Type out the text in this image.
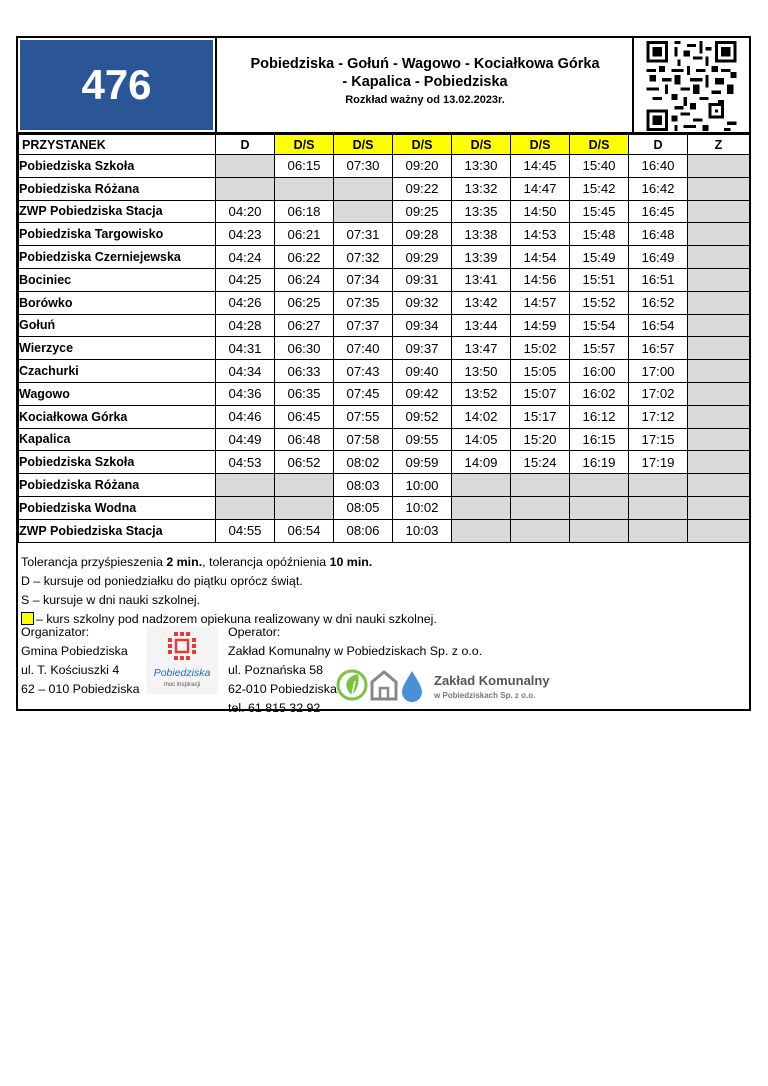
476	Pobiedziska - Gołuń - Wagowo - Kociałkowa Górka
- Kapalica - Pobiedziska
Rozkład ważny od 13.02.2023r.
PRZYSTANEK	D	D/S	D/S	D/S	D/S	D/S	D/S	D	Z
Pobiedziska Szkoła		06:15	07:30	09:20	13:30	14:45	15:40	16:40	
Pobiedziska Różana				09:22	13:32	14:47	15:42	16:42	
ZWP Pobiedziska Stacja	04:20	06:18		09:25	13:35	14:50	15:45	16:45	
Pobiedziska Targowisko	04:23	06:21	07:31	09:28	13:38	14:53	15:48	16:48	
Pobiedziska Czerniejewska	04:24	06:22	07:32	09:29	13:39	14:54	15:49	16:49	
Bociniec	04:25	06:24	07:34	09:31	13:41	14:56	15:51	16:51	
Borówko	04:26	06:25	07:35	09:32	13:42	14:57	15:52	16:52	
Gołuń	04:28	06:27	07:37	09:34	13:44	14:59	15:54	16:54	
Wierzyce	04:31	06:30	07:40	09:37	13:47	15:02	15:57	16:57	
Czachurki	04:34	06:33	07:43	09:40	13:50	15:05	16:00	17:00	
Wagowo	04:36	06:35	07:45	09:42	13:52	15:07	16:02	17:02	
Kociałkowa Górka	04:46	06:45	07:55	09:52	14:02	15:17	16:12	17:12	
Kapalica	04:49	06:48	07:58	09:55	14:05	15:20	16:15	17:15	
Pobiedziska Szkoła	04:53	06:52	08:02	09:59	14:09	15:24	16:19	17:19	
Pobiedziska Różana			08:03	10:00					
Pobiedziska Wodna			08:05	10:02					
ZWP Pobiedziska Stacja	04:55	06:54	08:06	10:03					
Tolerancja przyśpieszenia 2 min., tolerancja opóźnienia 10 min.
D – kursuje od poniedziałku do piątku oprócz świąt.
S – kursuje w dni nauki szkolnej.
– kurs szkolny pod nadzorem opiekuna realizowany w dni nauki szkolnej.
Organizator:
Gmina Pobiedziska
ul. T. Kościuszki 4
62 – 010 Pobiedziska
Pobiedziska
moc inspiracji
Operator:
Zakład Komunalny w Pobiedziskach Sp. z o.o.
ul. Poznańska 58
62-010 Pobiedziska
tel. 61 815 32 92
Zakład Komunalny
w Pobiedziskach Sp. z o.o.
